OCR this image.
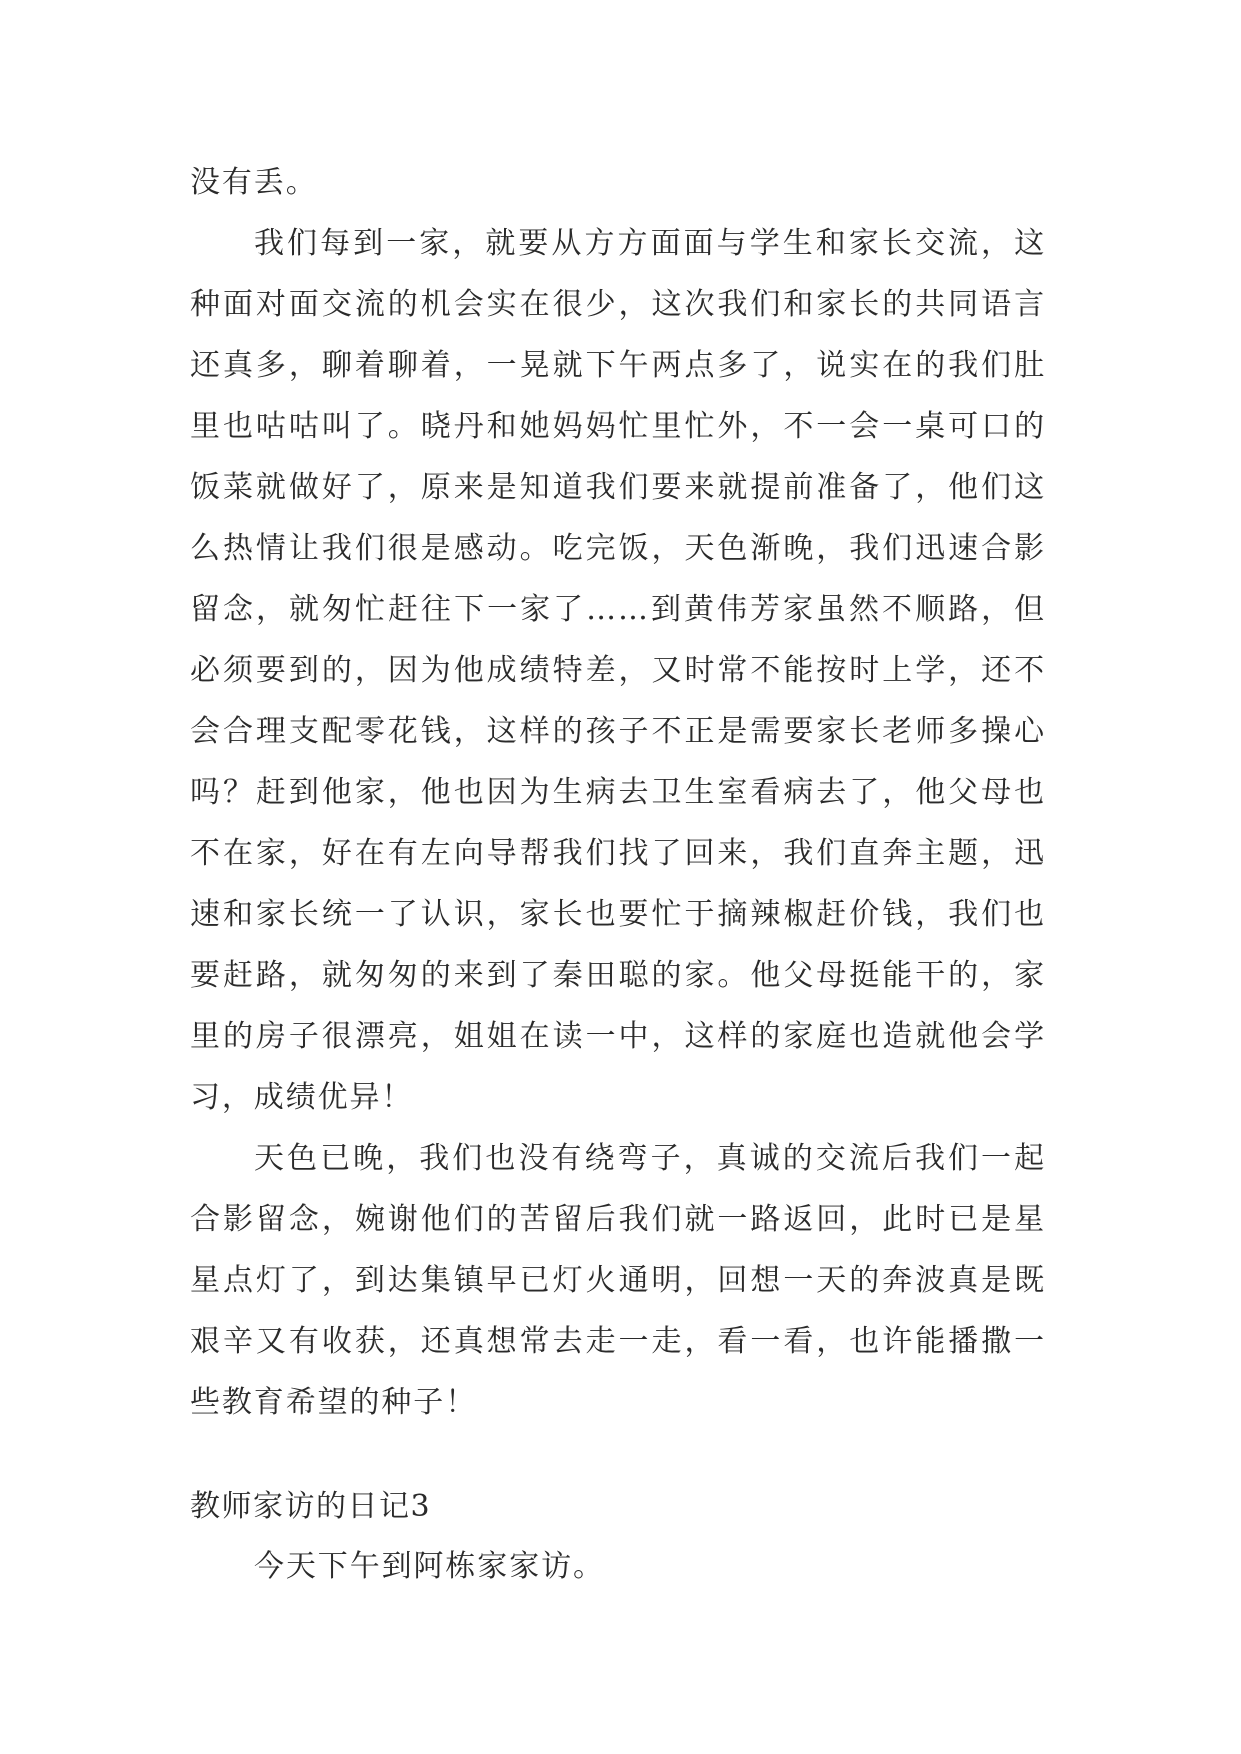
没有丢。

我们每到一家，就要从方方面面与学生和家长交流，这种面对面交流的机会实在很少，这次我们和家长的共同语言还真多，聊着聊着，一晃就下午两点多了，说实在的我们肚里也咕咕叫了。晓丹和她妈妈忙里忙外，不一会一桌可口的饭菜就做好了，原来是知道我们要来就提前准备了，他们这么热情让我们很是感动。吃完饭，天色渐晚，我们迅速合影留念，就匆忙赶往下一家了……到黄伟芳家虽然不顺路，但必须要到的，因为他成绩特差，又时常不能按时上学，还不会合理支配零花钱，这样的孩子不正是需要家长老师多操心吗？赶到他家，他也因为生病去卫生室看病去了，他父母也不在家，好在有左向导帮我们找了回来，我们直奔主题，迅速和家长统一了认识，家长也要忙于摘辣椒赶价钱，我们也要赶路，就匆匆的来到了秦田聪的家。他父母挺能干的，家里的房子很漂亮，姐姐在读一中，这样的家庭也造就他会学习，成绩优异！

天色已晚，我们也没有绕弯子，真诚的交流后我们一起合影留念，婉谢他们的苦留后我们就一路返回，此时已是星星点灯了，到达集镇早已灯火通明，回想一天的奔波真是既艰辛又有收获，还真想常去走一走，看一看，也许能播撒一些教育希望的种子！

教师家访的日记3

今天下午到阿栋家家访。
